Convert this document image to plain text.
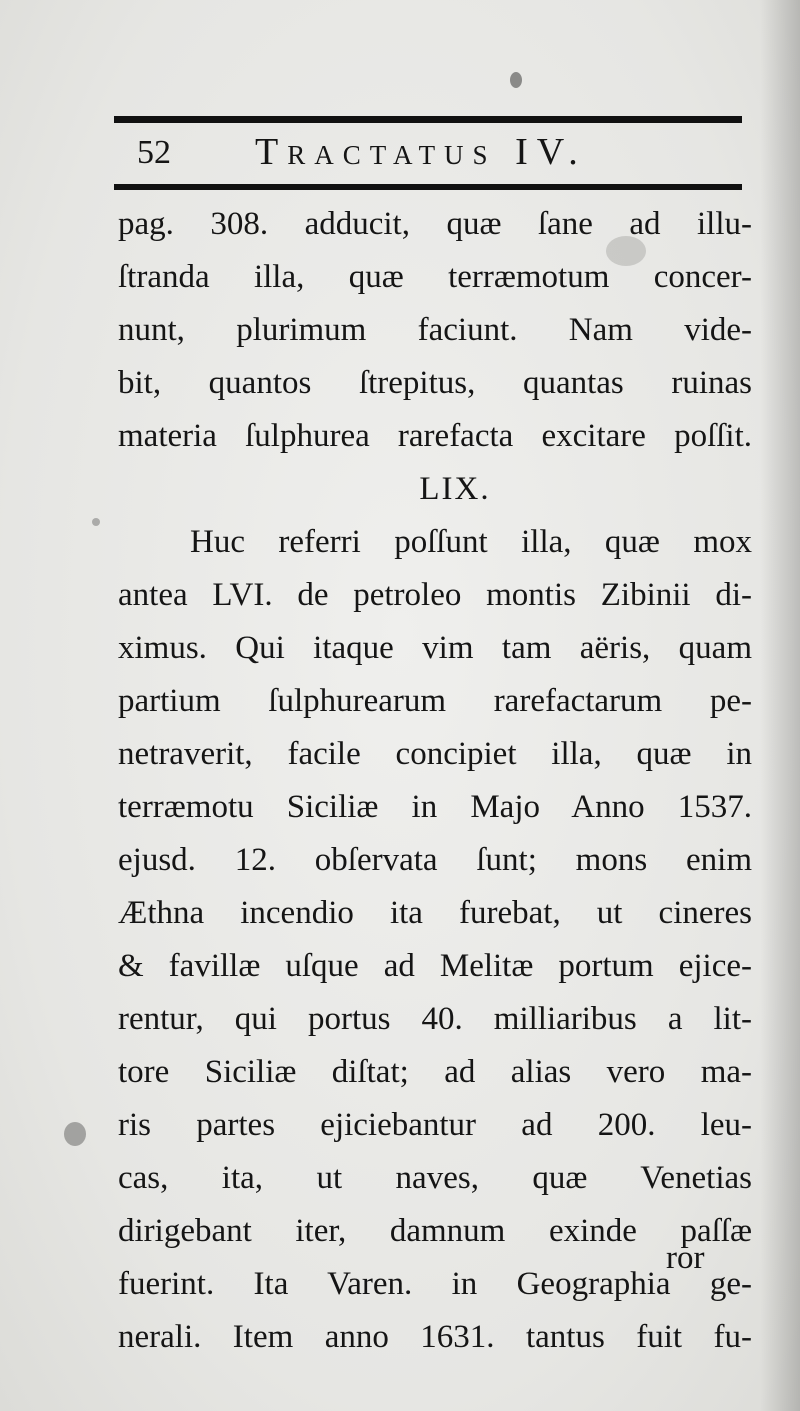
52 Tractatus IV.
pag. 308. adducit, quæ ſane ad illu-
ſtranda illa, quæ terræmotum concer-
nunt, plurimum faciunt. Nam vide-
bit, quantos ſtrepitus, quantas ruinas
materia ſulphurea rarefacta excitare poſſit.
LIX.
Huc referri poſſunt illa, quæ mox
antea LVI. de petroleo montis Zibinii di-
ximus. Qui itaque vim tam aëris, quam
partium ſulphurearum rarefactarum pe-
netraverit, facile concipiet illa, quæ in
terræmotu Siciliæ in Majo Anno 1537.
ejusd. 12. obſervata ſunt; mons enim
Æthna incendio ita furebat, ut cineres
& favillæ uſque ad Melitæ portum ejice-
rentur, qui portus 40. milliaribus a lit-
tore Siciliæ diſtat; ad alias vero ma-
ris partes ejiciebantur ad 200. leu-
cas, ita, ut naves, quæ Venetias
dirigebant iter, damnum exinde paſſæ
fuerint. Ita Varen. in Geographia ge-
nerali. Item anno 1631. tantus fuit fu-
ror
